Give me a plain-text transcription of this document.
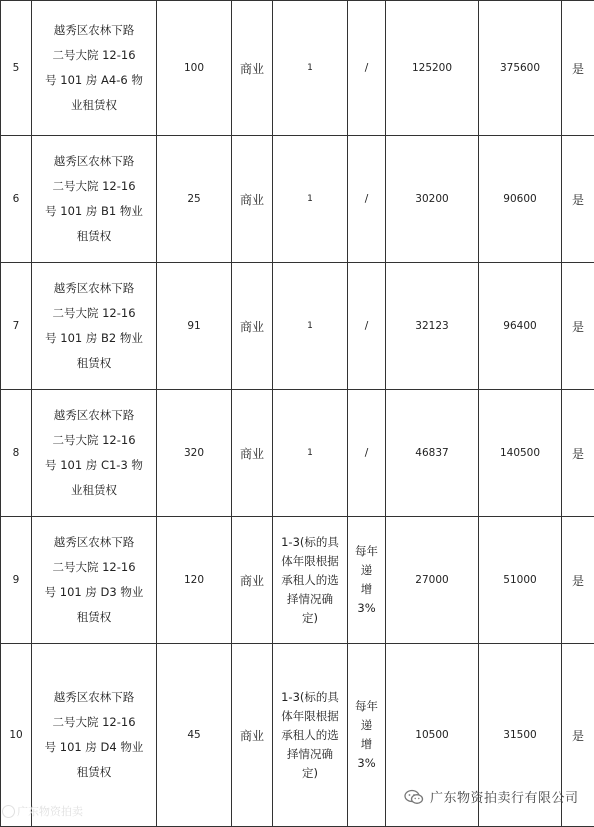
5	越秀区农林下路
二号大院 12-16
号 101 房 A4-6 物
业租赁权	100	商业	1	/	125200	375600	是
6	越秀区农林下路
二号大院 12-16
号 101 房 B1 物业
租赁权	25	商业	1	/	30200	90600	是
7	越秀区农林下路
二号大院 12-16
号 101 房 B2 物业
租赁权	91	商业	1	/	32123	96400	是
8	越秀区农林下路
二号大院 12-16
号 101 房 C1-3 物
业租赁权	320	商业	1	/	46837	140500	是
9	越秀区农林下路
二号大院 12-16
号 101 房 D3 物业
租赁权	120	商业	1-3(标的具
体年限根据
承租人的选
择情况确
定)	每年递
增 3%	27000	51000	是
10	越秀区农林下路
二号大院 12-16
号 101 房 D4 物业
租赁权	45	商业	1-3(标的具
体年限根据
承租人的选
择情况确
定)	每年递
增 3%	10500	31500	是
广东物资拍卖
广东物资拍卖行有限公司
